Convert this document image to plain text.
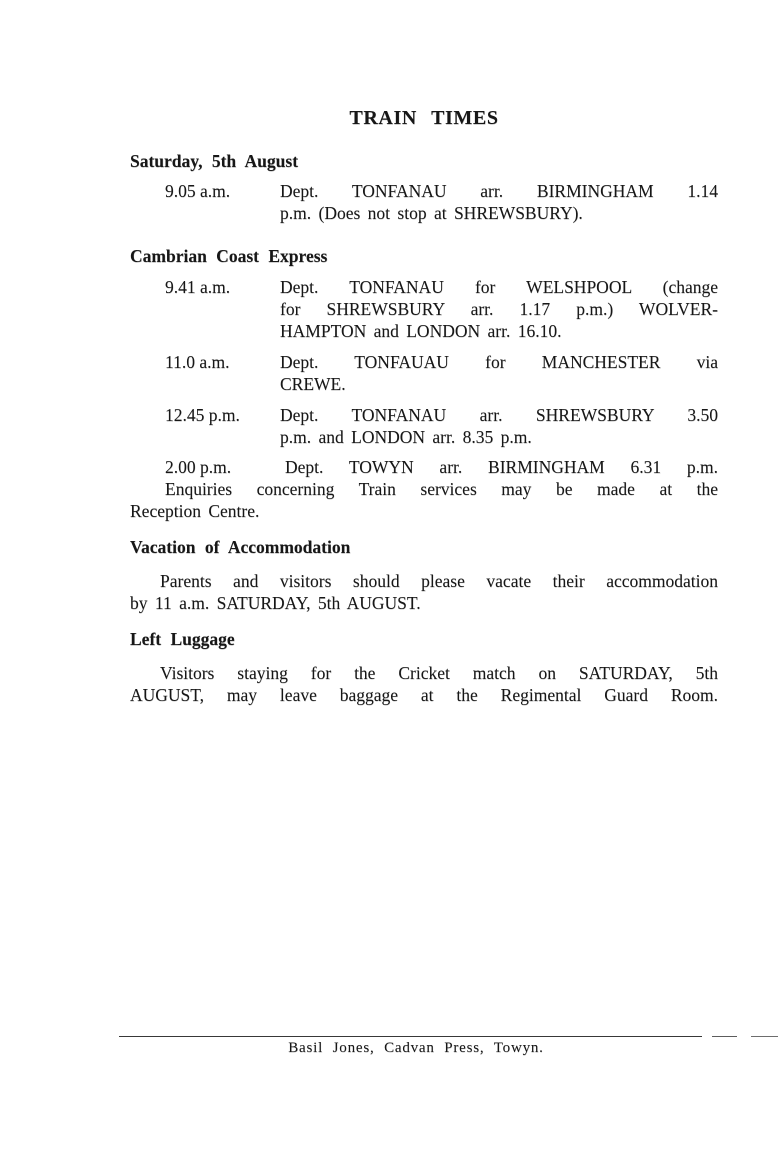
TRAIN TIMES
Saturday, 5th August
9.05 a.m.	Dept. TONFANAU arr. BIRMINGHAM 1.14
p.m. (Does not stop at SHREWSBURY).
Cambrian Coast Express
9.41 a.m.	Dept. TONFANAU for WELSHPOOL (change
for SHREWSBURY arr. 1.17 p.m.) WOLVER-
HAMPTON and LONDON arr. 16.10.
11.0 a.m.	Dept. TONFAUAU for MANCHESTER via
CREWE.
12.45 p.m. Dept. TONFANAU arr. SHREWSBURY 3.50
p.m. and LONDON arr. 8.35 p.m.
2.00 p.m.	Dept. TOWYN arr. BIRMINGHAM 6.31 p.m.
Enquiries concerning Train services may be made at the
Reception Centre.
Vacation of Accommodation
Parents and visitors should please vacate their accommodation
by 11 a.m. SATURDAY, 5th AUGUST.
Left Luggage
Visitors staying for the Cricket match on SATURDAY, 5th
AUGUST, may leave baggage at the Regimental Guard Room.
Basil Jones, Cadvan Press, Towyn.
